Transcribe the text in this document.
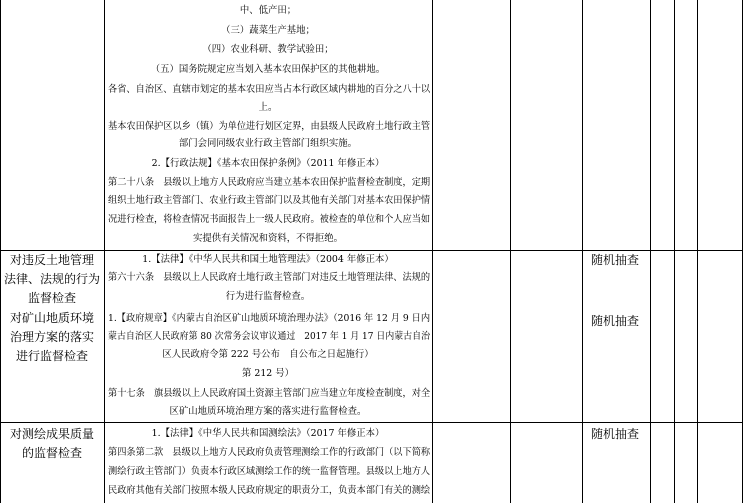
中、低产田；
（三）蔬菜生产基地；
（四）农业科研、教学试验田；
（五）国务院规定应当划入基本农田保护区的其他耕地。
各省、自治区、直辖市划定的基本农田应当占本行政区域内耕地的百分之八十以
上。
基本农田保护区以乡（镇）为单位进行划区定界，由县级人民政府土地行政主管
部门会同同级农业行政主管部门组织实施。
2.【行政法规】《基本农田保护条例》（2011 年修正本）
第二十八条　县级以上地方人民政府应当建立基本农田保护监督检查制度，定期
组织土地行政主管部门、农业行政主管部门以及其他有关部门对基本农田保护情
况进行检查，将检查情况书面报告上一级人民政府。被检查的单位和个人应当如
实提供有关情况和资料，不得拒绝。
对违反土地管理
法律、法规的行为
监督检查
1.【法律】《中华人民共和国土地管理法》（2004 年修正本）
第六十六条　县级以上人民政府土地行政主管部门对违反土地管理法律、法规的
行为进行监督检查。
随机抽查
对矿山地质环境
治理方案的落实
进行监督检查
1.【政府规章】《内蒙古自治区矿山地质环境治理办法》（2016 年 12 月 9 日内
蒙古自治区人民政府第 80 次常务会议审议通过　2017 年 1 月 17 日内蒙古自治
区人民政府令第 222 号公布　自公布之日起施行）
第 212 号）
第十七条　旗县级以上人民政府国土资源主管部门应当建立年度检查制度，对全
区矿山地质环境治理方案的落实进行监督检查。
随机抽查
对测绘成果质量
的监督检查
1.【法律】《中华人民共和国测绘法》（2017 年修正本）
第四条第二款　县级以上地方人民政府负责管理测绘工作的行政部门（以下简称
测绘行政主管部门）负责本行政区域测绘工作的统一监督管理。县级以上地方人
民政府其他有关部门按照本级人民政府规定的职责分工，负责本部门有关的测绘
随机抽查
